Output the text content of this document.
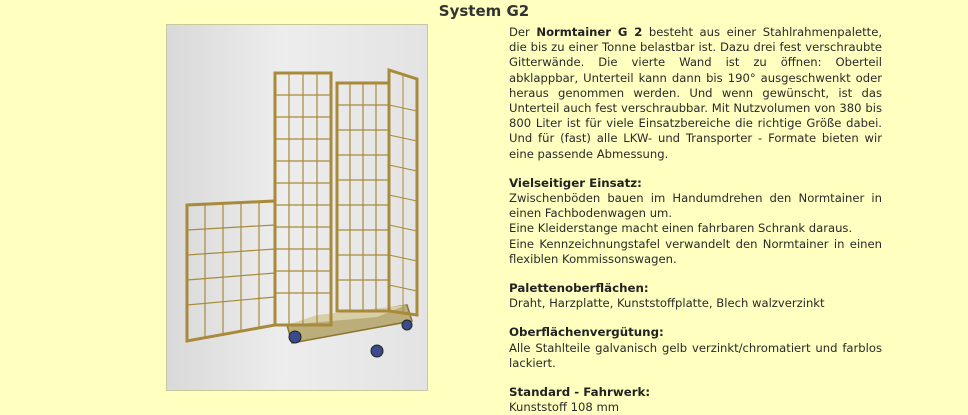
System G2

Der Normtainer G 2 besteht aus einer Stahlrahmenpalette, die bis zu einer Tonne belastbar ist. Dazu drei fest verschraubte Gitterwände. Die vierte Wand ist zu öffnen: Oberteil abklappbar, Unterteil kann dann bis 190° ausgeschwenkt oder heraus genommen werden. Und wenn gewünscht, ist das Unterteil auch fest verschraubbar. Mit Nutzvolumen von 380 bis 800 Liter ist für viele Einsatzbereiche die richtige Größe dabei. Und für (fast) alle LKW- und Transporter - Formate bieten wir eine passende Abmessung.

Vielseitiger Einsatz:

Zwischenböden bauen im Handumdrehen den Normtainer in einen Fachbodenwagen um.

Eine Kleiderstange macht einen fahrbaren Schrank daraus.

Eine Kennzeichnungstafel verwandelt den Normtainer in einen flexiblen Kommissonswagen.

Palettenoberflächen:

Draht, Harzplatte, Kunststoffplatte, Blech walzverzinkt

Oberflächenvergütung:

Alle Stahlteile galvanisch gelb verzinkt/chromatiert und farblos lackiert.

Standard - Fahrwerk:

Kunststoff 108 mm
